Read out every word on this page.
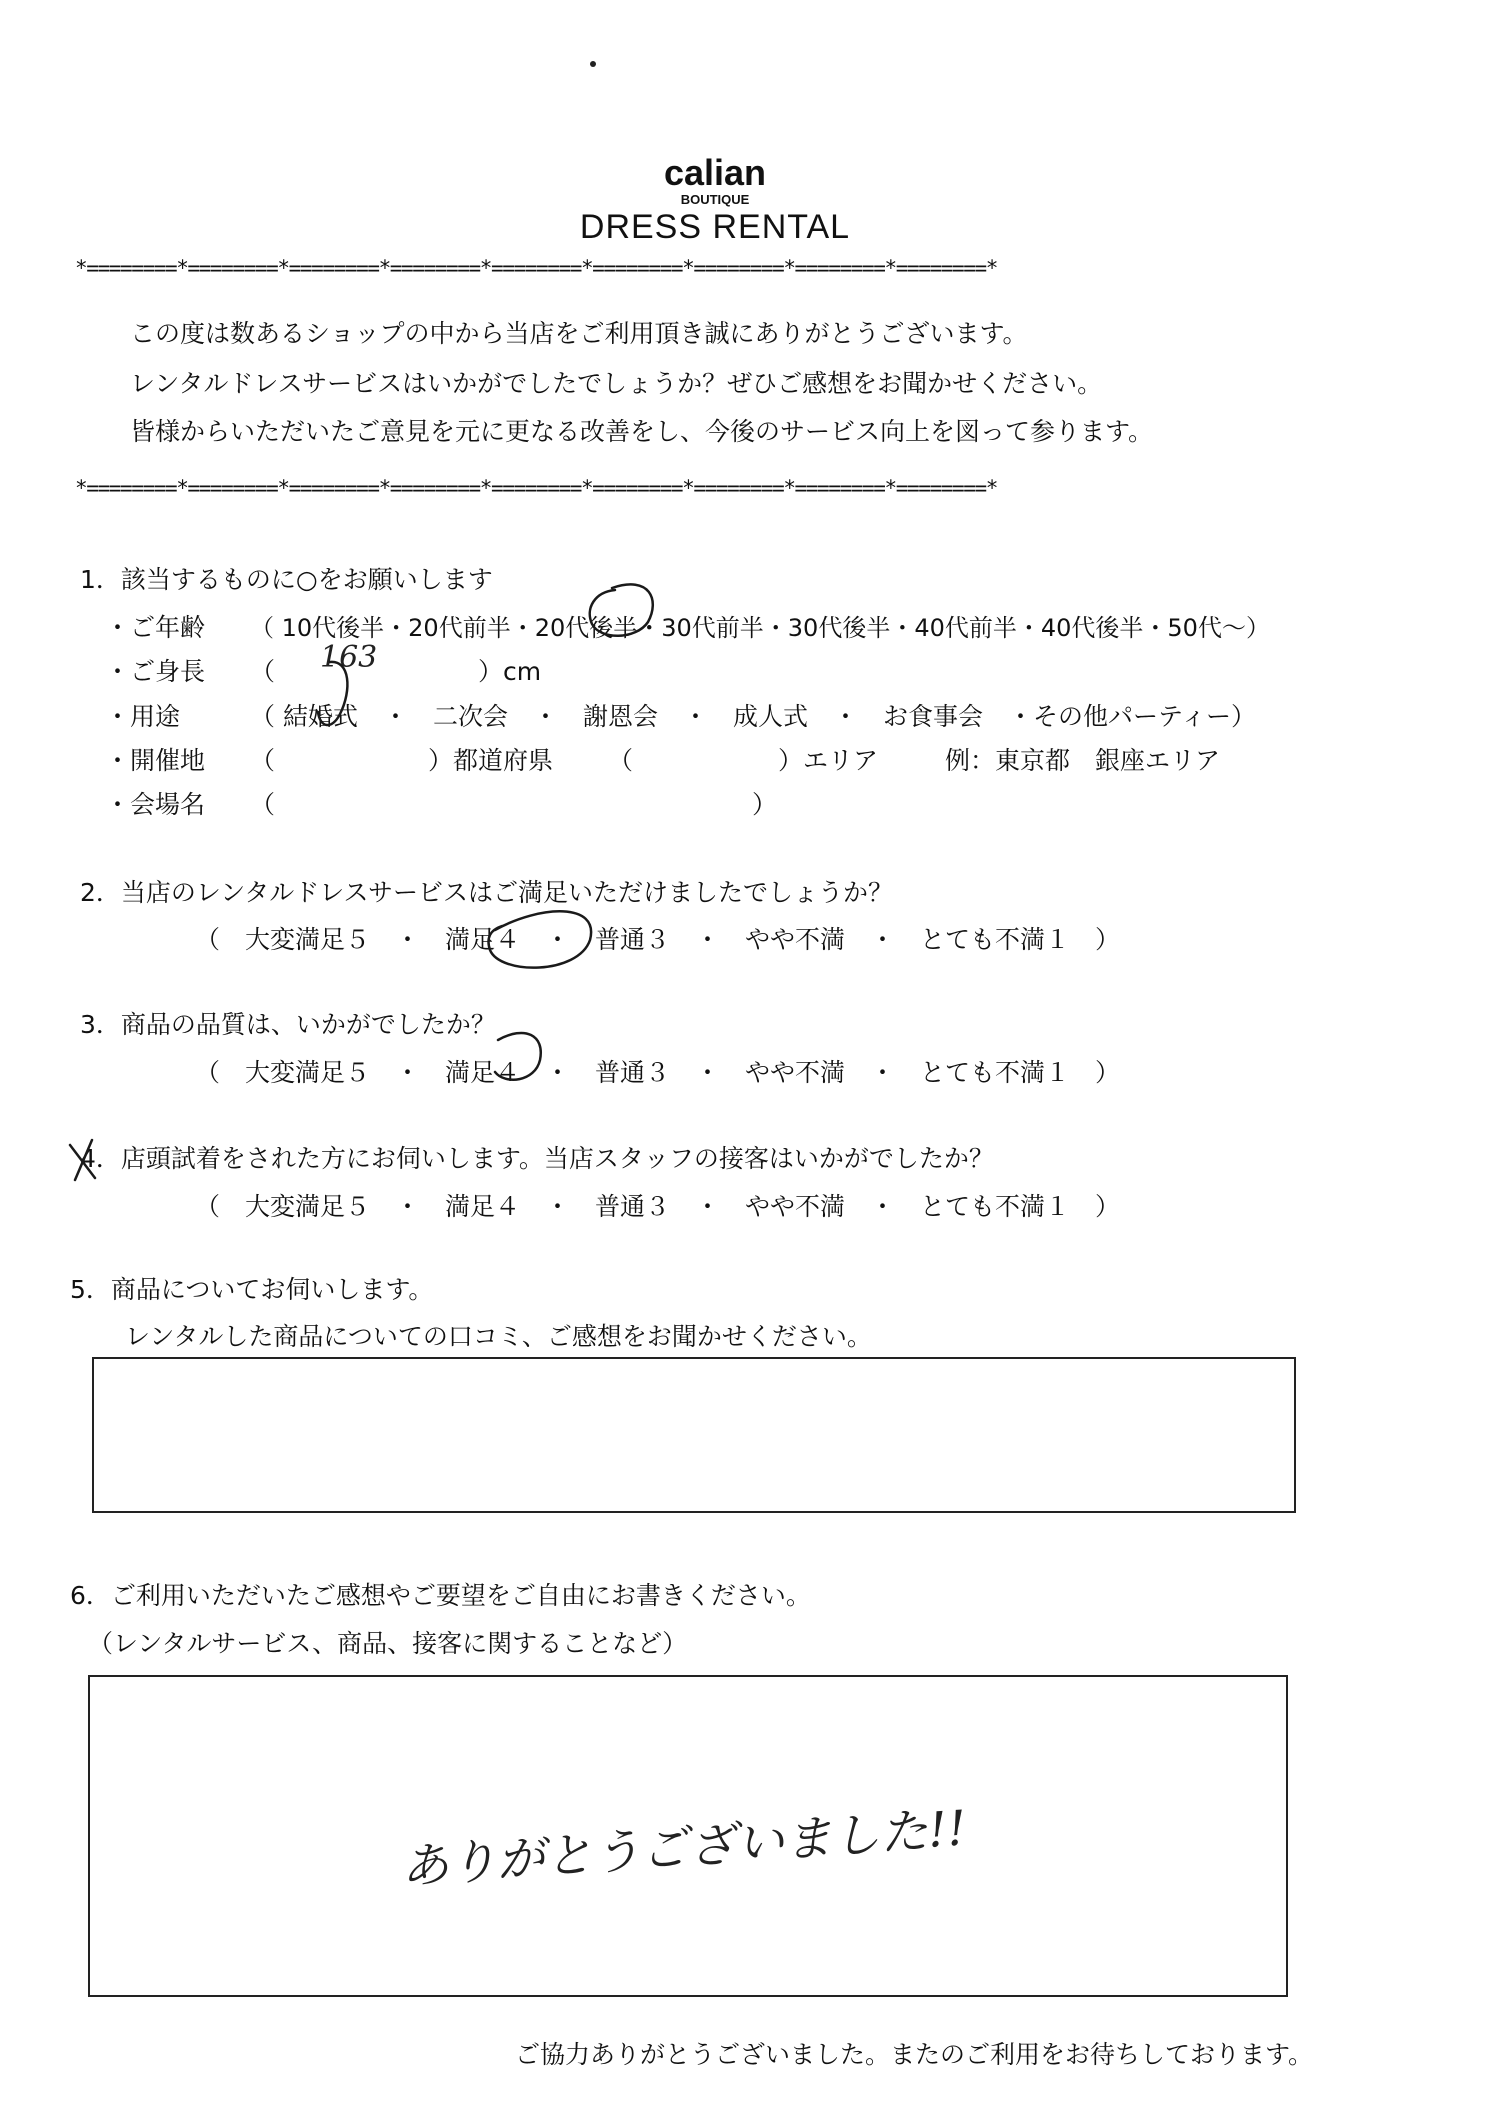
calian
BOUTIQUE
DRESS RENTAL
*========*========*========*========*========*========*========*========*========*
この度は数あるショップの中から当店をご利用頂き誠にありがとうございます。
レンタルドレスサービスはいかがでしたでしょうか？ぜひご感想をお聞かせください。
皆様からいただいたご意見を元に更なる改善をし、今後のサービス向上を図って参ります。
*========*========*========*========*========*========*========*========*========*
1．該当するものに○をお願いします
・ご年齢 （ 10代後半・20代前半・20代後半・30代前半・30代後半・40代前半・40代後半・50代～）
・ご身長 （ 163	）cm
・用途	（ 結婚式　・　二次会　・　謝恩会　・　成人式　・　お食事会　・その他パーティー）
・開催地 （	）都道府県 （	）エリア	例：東京都　銀座エリア
・会場名 （	）
2．当店のレンタルドレスサービスはご満足いただけましたでしょうか？
（　大変満足５　・　満足４　・　普通３　・　やや不満　・　とても不満１　）
3．商品の品質は、いかがでしたか？
（　大変満足５　・　満足４　・　普通３　・　やや不満　・　とても不満１　）
4．店頭試着をされた方にお伺いします。当店スタッフの接客はいかがでしたか？
（　大変満足５　・　満足４　・　普通３　・　やや不満　・　とても不満１　）
5．商品についてお伺いします。
レンタルした商品についての口コミ、ご感想をお聞かせください。
6．ご利用いただいたご感想やご要望をご自由にお書きください。
（レンタルサービス、商品、接客に関することなど）
ありがとうございました!!
ご協力ありがとうございました。またのご利用をお待ちしております。
